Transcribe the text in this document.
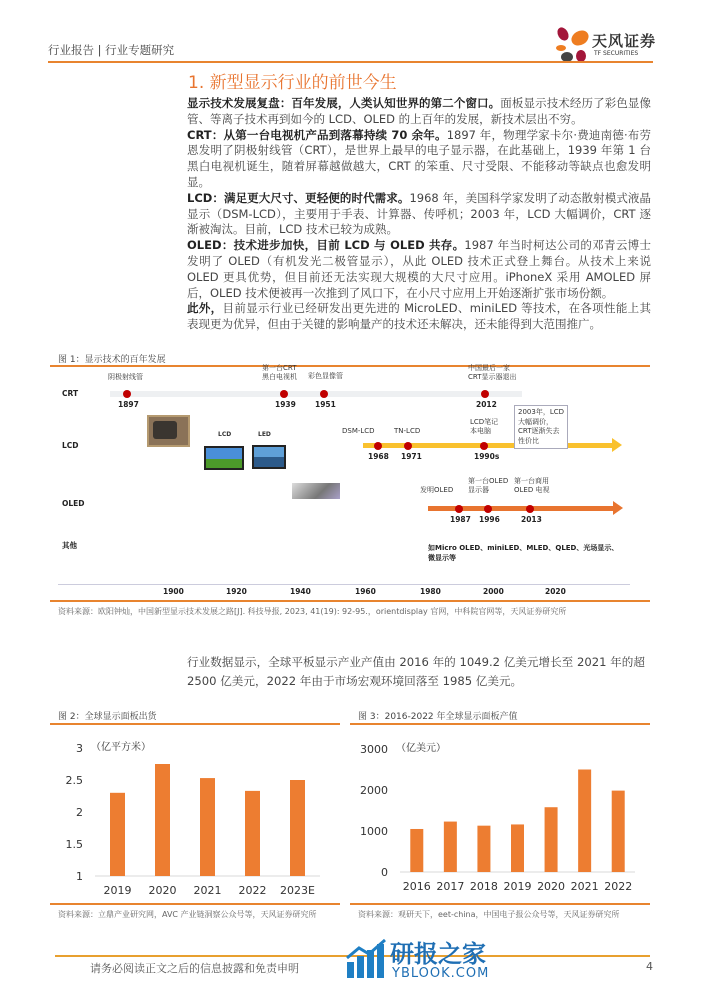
行业报告 | 行业专题研究	天风证券
TF SECURITIES
1. 新型显示行业的前世今生

显示技术发展复盘：百年发展，人类认知世界的第二个窗口。面板显示技术经历了彩色显像管、等离子技术再到如今的 LCD、OLED 的上百年的发展，新技术层出不穷。

CRT：从第一台电视机产品到落幕持续 70 余年。1897 年，物理学家卡尔·费迪南德·布劳恩发明了阴极射线管（CRT），是世界上最早的电子显示器，在此基础上，1939 年第 1 台黑白电视机诞生，随着屏幕越做越大，CRT 的笨重、尺寸受限、不能移动等缺点也愈发明显。

LCD：满足更大尺寸、更轻便的时代需求。1968 年，美国科学家发明了动态散射模式液晶显示（DSM-LCD），主要用于手表、计算器、传呼机；2003 年，LCD 大幅调价，CRT 逐渐被淘汰。目前，LCD 技术已较为成熟。

OLED：技术进步加快，目前 LCD 与 OLED 共存。1987 年当时柯达公司的邓青云博士发明了 OLED（有机发光二极管显示），从此 OLED 技术正式登上舞台。从技术上来说 OLED 更具优势，但目前还无法实现大规模的大尺寸应用。iPhoneX 采用 AMOLED 屏后，OLED 技术便被再一次推到了风口下，在小尺寸应用上开始逐渐扩张市场份额。

此外，目前显示行业已经研发出更先进的 MicroLED、miniLED 等技术，在各项性能上其表现更为优异，但由于关键的影响量产的技术还未解决，还未能得到大范围推广。

图 1：显示技术的百年发展
CRT
LCD
OLED
其他
1897
阴极射线管
1939
第一台CRT
黑白电视机
1951
彩色显像管
2012
中国最后一家
CRT显示器退出
1968
DSM-LCD
1971
TN-LCD
1990s
LCD笔记
本电脑
1987
发明OLED
1996
第一台OLED
显示器
2013
第一台商用
OLED 电视
2003年，LCD
大幅调价，
CRT逐渐失去
性价比
LCD	LED
如Micro OLED、miniLED、MLED、QLED、光场显示、
微显示等
1900	1920	1940	1960	1980	2000	2020
资料来源：欧阳钟灿，中国新型显示技术发展之路[J]. 科技导报, 2023, 41(19): 92-95.，orientdisplay 官网，中科院官网等，天风证券研究所
行业数据显示，全球平板显示产业产值由 2016 年的 1049.2 亿美元增长至 2021 年的超 2500 亿美元，2022 年由于市场宏观环境回落至 1985 亿美元。
图 2：全球显示面板出货
1
1.5
2
2.5
3 （亿平方米）
2019 2020 2021 2022 2023E
资料来源：立鼎产业研究网，AVC 产业链洞察公众号等，天风证券研究所
图 3：2016-2022 年全球显示面板产值
0
1000
2000
3000 （亿美元）
2016 2017 2018 2019 2020 2021 2022
资料来源：观研天下，eet-china，中国电子报公众号等，天风证券研究所
请务必阅读正文之后的信息披露和免责申明	4
研报之家
YBLOOK.COM
